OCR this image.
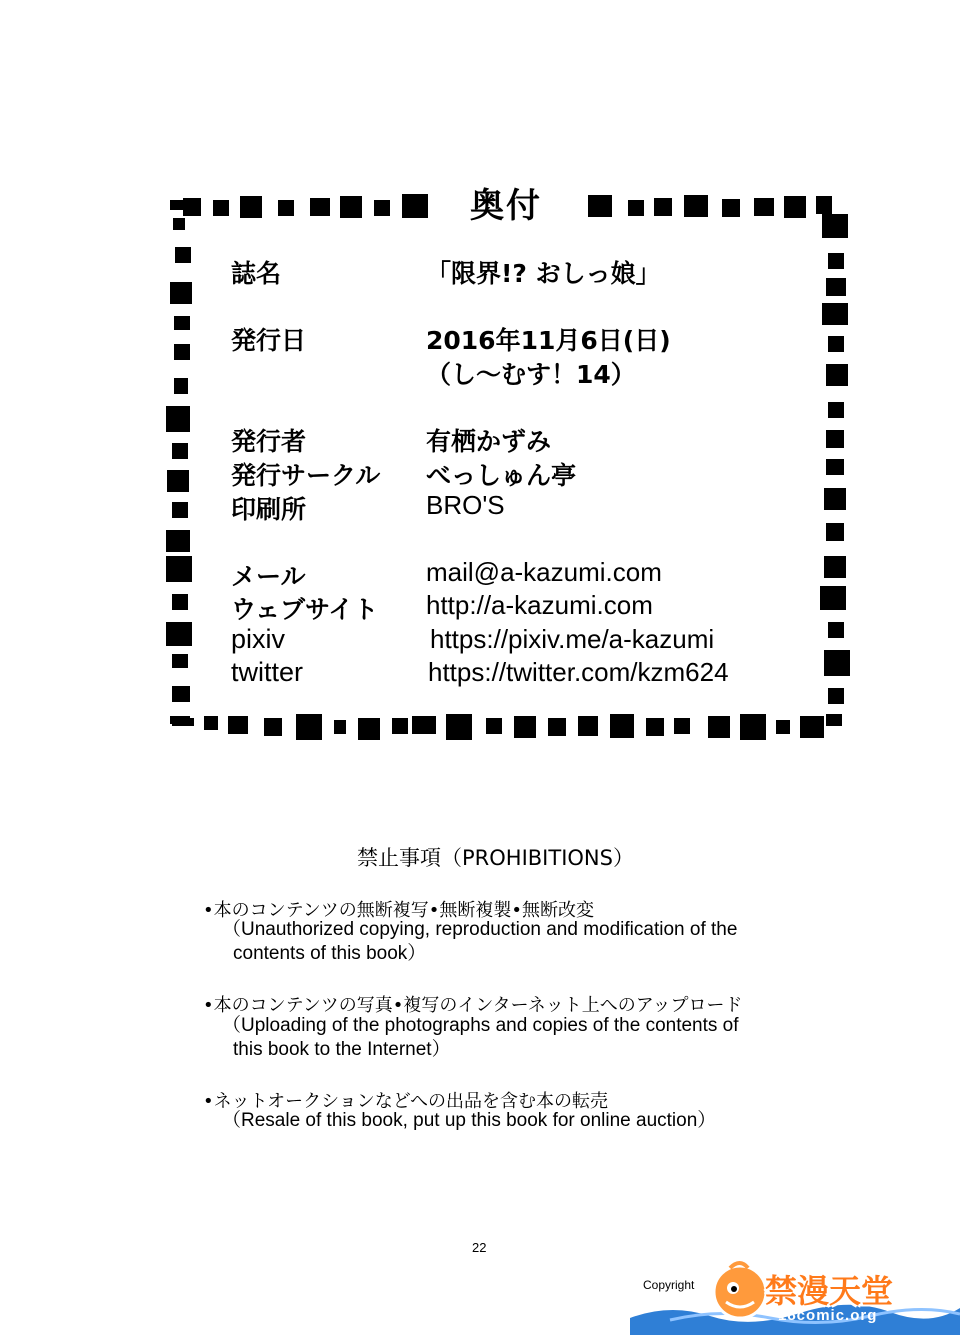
奥付
誌名	「限界!? おしっ娘」
発行日	2016年11月6日(日)
（し〜むす！14）
発行者	有栖かずみ
発行サークル べっしゅん亭
印刷所	BRO'S
メール	mail@a-kazumi.com
ウェブサイト http://a-kazumi.com
pixiv	https://pixiv.me/a-kazumi
twitter	https://twitter.com/kzm624
禁止事項（PROHIBITIONS）
•本のコンテンツの無断複写•無断複製•無断改変
（Unauthorized copying, reproduction and modification of the
contents of this book）
•本のコンテンツの写真•複写のインターネット上へのアップロード
（Uploading of the photographs and copies of the contents of
this book to the Internet）
•ネットオークションなどへの出品を含む本の転売
（Resale of this book, put up this book for online auction）
22
Copyright 禁漫天堂
18comic.org
